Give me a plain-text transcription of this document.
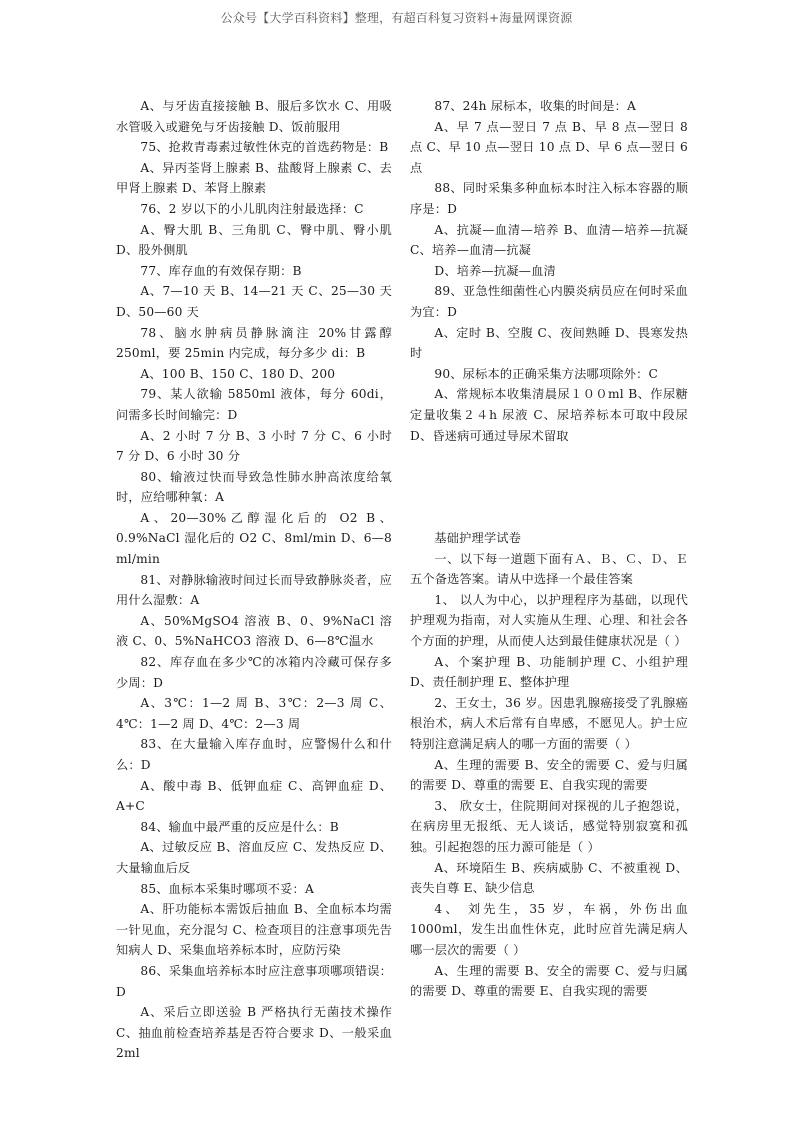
公众号【大学百科资料】整理，有超百科复习资料+海量网课资源

A、与牙齿直接接触 B、服后多饮水 C、用吸水管吸入或避免与牙齿接触 D、饭前服用

75、抢救青毒素过敏性休克的首选药物是：B

A、异丙荃肾上腺素 B、盐酸肾上腺素 C、去甲肾上腺素 D、苯肾上腺素

76、2 岁以下的小儿肌肉注射最选择：C

A、臀大肌 B、三角肌 C、臀中肌、臀小肌 D、股外侧肌

77、库存血的有效保存期：B

A、7—10 天 B、14—21 天 C、25—30 天 D、50—60 天

78、脑水肿病员静脉滴注 20%甘露醇 250ml，要 25min 内完成，每分多少 di：B

A、100 B、150 C、180 D、200

79、某人欲输 5850ml 液体，每分 60di，问需多长时间输完：D

A、2 小时 7 分 B、3 小时 7 分 C、6 小时 7 分 D、6 小时 30 分

80、输液过快而导致急性肺水肿高浓度给氧时，应给哪种氧：A

A、20—30%乙醇湿化后的 O2 B、0.9%NaCl 湿化后的 O2 C、8ml/min D、6—8 ml/min

81、对静脉输液时间过长而导致静脉炎者，应用什么湿敷：A

A、50%MgSO4 溶液 B、0、9%NaCl 溶液 C、0、5%NaHCO3 溶液 D、6—8℃温水

82、库存血在多少℃的冰箱内冷藏可保存多少周：D

A、3℃：1—2 周 B、3℃：2—3 周 C、4℃：1—2 周 D、4℃：2—3 周

83、在大量输入库存血时，应警惕什么和什么：D

A、酸中毒 B、低钾血症 C、高钾血症 D、A+C

84、输血中最严重的反应是什么：B

A、过敏反应 B、溶血反应 C、发热反应 D、大量输血后反

85、血标本采集时哪项不妥：A

A、肝功能标本需饭后抽血 B、全血标本均需一针见血，充分混匀 C、检查项目的注意事项先告知病人 D、采集血培养标本时，应防污染

86、采集血培养标本时应注意事项哪项错误：D

A、采后立即送验 B 严格执行无菌技术操作 C、抽血前检查培养基是否符合要求 D、一般采血 2ml

87、24h 尿标本，收集的时间是：A

A、早 7 点—翌日 7 点 B、早 8 点—翌日 8 点 C、早 10 点—翌日 10 点 D、早 6 点—翌日 6 点

88、同时采集多种血标本时注入标本容器的顺序是：D

A、抗凝—血清—培养 B、血清—培养—抗凝 C、培养—血清—抗凝

D、培养—抗凝—血清

89、亚急性细菌性心内膜炎病员应在何时采血为宜：D

A、定时 B、空腹 C、夜间熟睡 D、畏寒发热时

90、尿标本的正确采集方法哪项除外：C

A、常规标本收集清晨尿１００ml B、作尿糖定量收集２４h 尿液 C、尿培养标本可取中段尿 D、昏迷病可通过导尿术留取

基础护理学试卷

一、以下每一道题下面有Ａ、Ｂ、Ｃ、Ｄ、Ｅ五个备选答案。请从中选择一个最佳答案

1、 以人为中心，以护理程序为基础，以现代护理观为指南，对人实施从生理、心理、和社会各个方面的护理，从而使人达到最佳健康状况是（ ）

A、个案护理 B、功能制护理 C、小组护理 D、责任制护理 E、整体护理

2、王女士，36 岁。因患乳腺癌接受了乳腺癌根治术，病人术后常有自卑感，不愿见人。护士应特别注意满足病人的哪一方面的需要（ ）

A、生理的需要 B、安全的需要 C、爱与归属的需要 D、尊重的需要 E、自我实现的需要

3、 欣女士，住院期间对探视的儿子抱怨说，在病房里无报纸、无人谈话，感觉特别寂寞和孤独。引起抱怨的压力源可能是（ ）

A、环境陌生 B、疾病威胁 C、不被重视 D、丧失自尊 E、缺少信息

4、 刘先生，35 岁，车祸，外伤出血 1000ml，发生出血性休克，此时应首先满足病人哪一层次的需要（ ）

A、生理的需要 B、安全的需要 C、爱与归属的需要 D、尊重的需要 E、自我实现的需要
